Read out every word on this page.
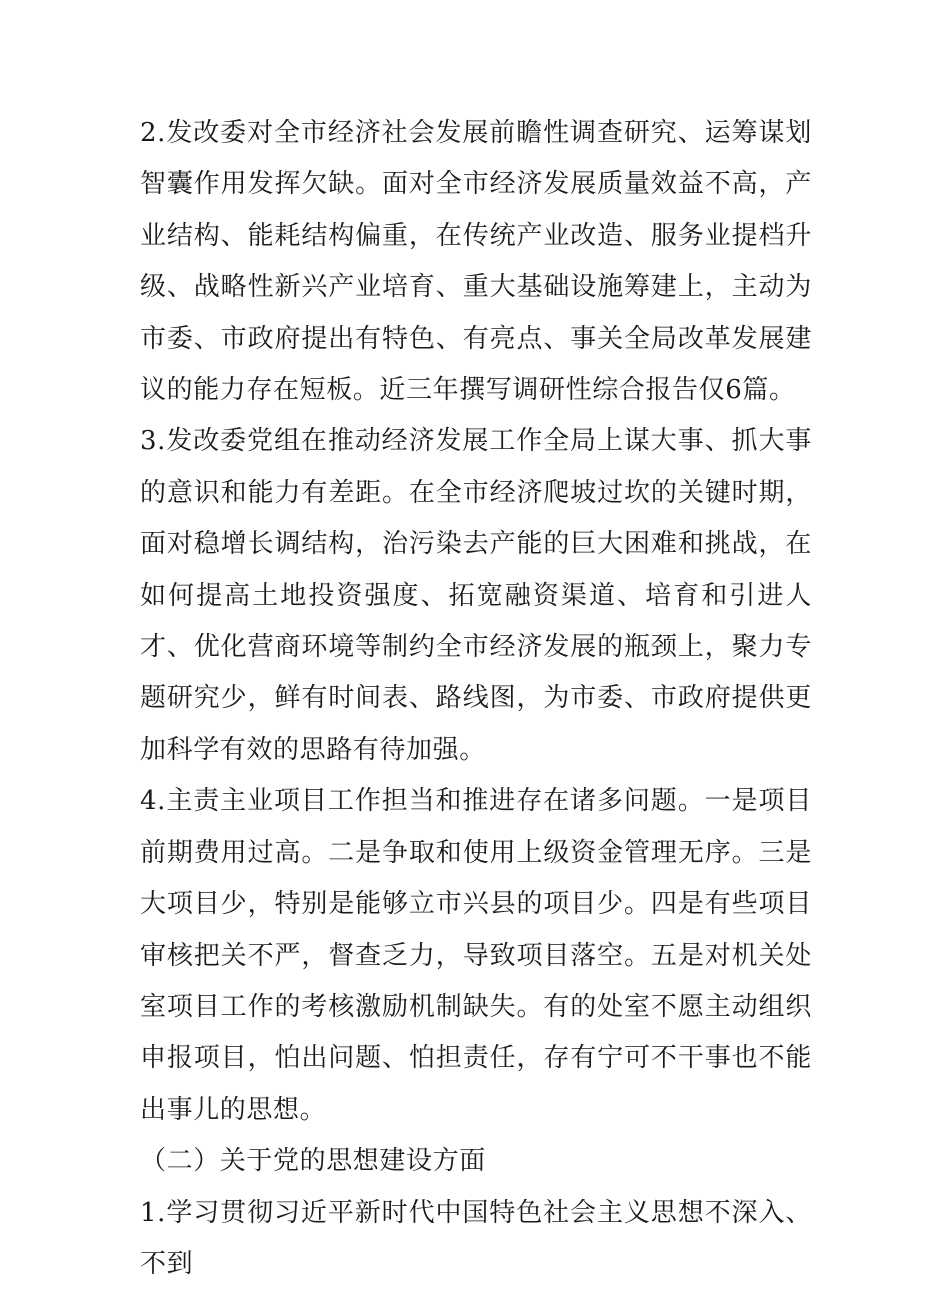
2.发改委对全市经济社会发展前瞻性调查研究、运筹谋划智囊作用发挥欠缺。面对全市经济发展质量效益不高，产业结构、能耗结构偏重，在传统产业改造、服务业提档升级、战略性新兴产业培育、重大基础设施筹建上，主动为市委、市政府提出有特色、有亮点、事关全局改革发展建议的能力存在短板。近三年撰写调研性综合报告仅6篇。

3.发改委党组在推动经济发展工作全局上谋大事、抓大事的意识和能力有差距。在全市经济爬坡过坎的关键时期，面对稳增长调结构，治污染去产能的巨大困难和挑战，在如何提高土地投资强度、拓宽融资渠道、培育和引进人才、优化营商环境等制约全市经济发展的瓶颈上，聚力专题研究少，鲜有时间表、路线图，为市委、市政府提供更加科学有效的思路有待加强。

4.主责主业项目工作担当和推进存在诸多问题。一是项目前期费用过高。二是争取和使用上级资金管理无序。三是大项目少，特别是能够立市兴县的项目少。四是有些项目审核把关不严，督查乏力，导致项目落空。五是对机关处室项目工作的考核激励机制缺失。有的处室不愿主动组织申报项目，怕出问题、怕担责任，存有宁可不干事也不能出事儿的思想。

（二）关于党的思想建设方面

1.学习贯彻习近平新时代中国特色社会主义思想不深入、不到
